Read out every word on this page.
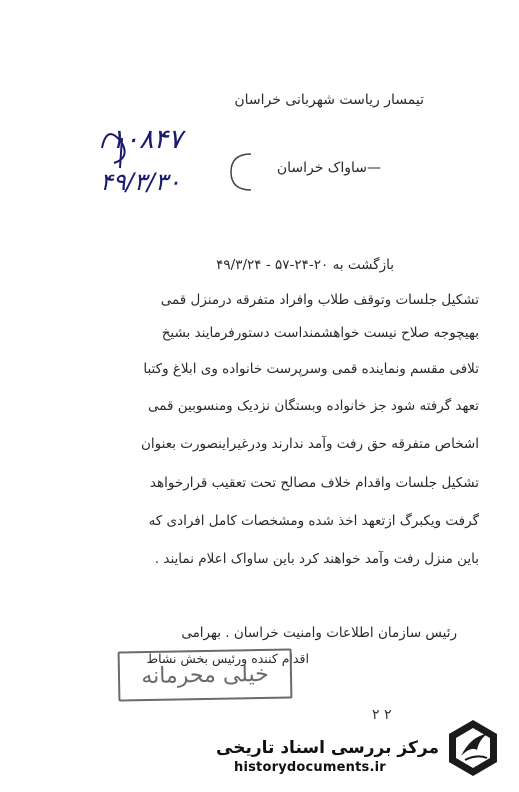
تیمسار ریاست شهربانی خراسان
۱۰۸۴۷
۴۹/۳/۳۰	—ساواک خراسان
بازگشت به ۲۰-۲۴-۵۷ - ۴۹/۳/۲۴
تشکیل جلسات وتوقف طلاب وافراد متفرقه درمنزل قمی
بهیچوجه صلاح نیست خواهشمنداست دستورفرمایند بشیخ
تلافی مقسم ونماینده قمی وسرپرست خانواده وی ابلاغ وکتبا
تعهد گرفته شود جز خانواده وبستگان نزدیک ومنسوبین قمی
اشخاص متفرقه حق رفت وآمد ندارند ودرغیراینصورت بعنوان
تشکیل جلسات واقدام خلاف مصالح تحت تعقیب قرارخواهد
گرفت ویکبرگ ازتعهد اخذ شده ومشخصات کامل افرادی که
باین منزل رفت وآمد خواهند کرد باین ساواک اعلام نمایند .
رئیس سازمان اطلاعات وامنیت خراسان . بهرامی
اقدام کننده ورئیس بخش نشاط
خیلی محرمانه
۲ ۲
مرکز بررسی اسناد تاریخی
historydocuments.ir
